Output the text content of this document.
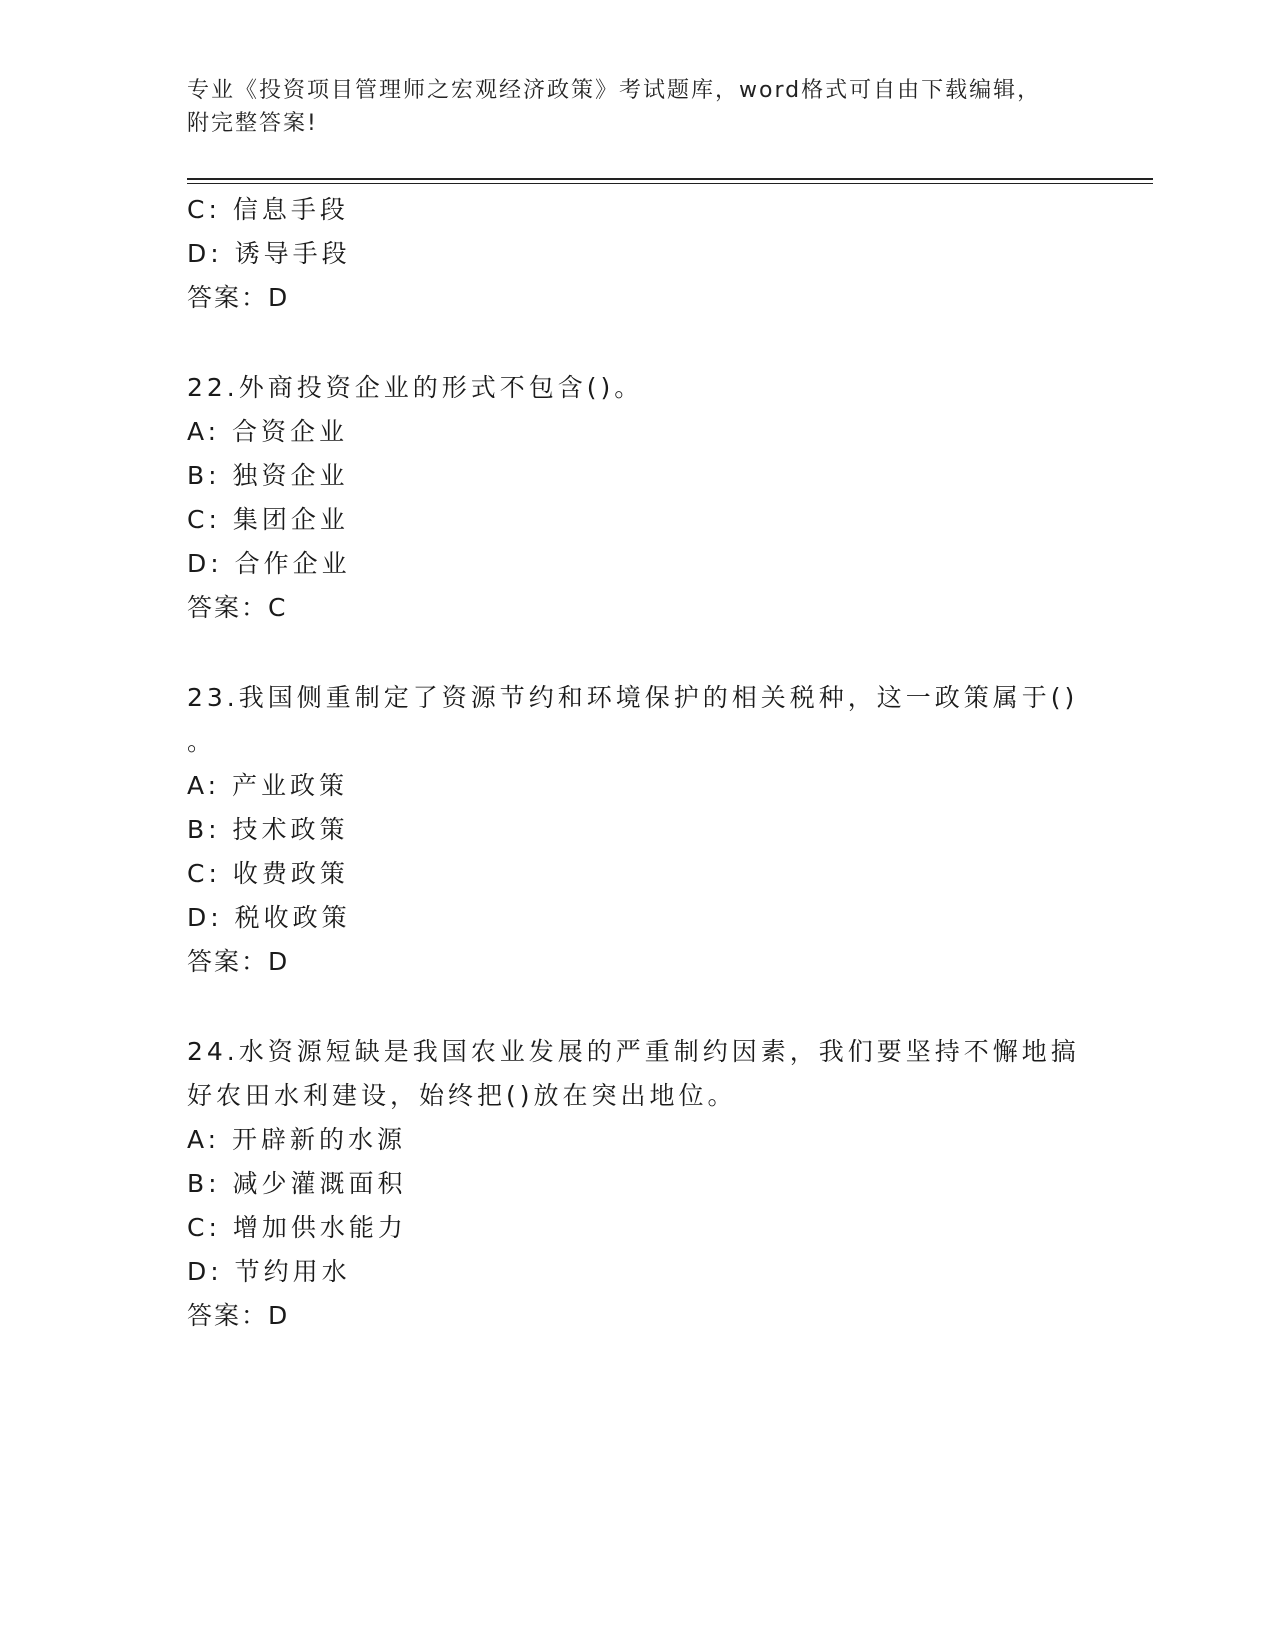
专业《投资项目管理师之宏观经济政策》考试题库，word格式可自由下载编辑，
附完整答案!
C: 信息手段
D: 诱导手段
答案：D
22.外商投资企业的形式不包含()。
A: 合资企业
B: 独资企业
C: 集团企业
D: 合作企业
答案：C
23.我国侧重制定了资源节约和环境保护的相关税种，这一政策属于()
。
A: 产业政策
B: 技术政策
C: 收费政策
D: 税收政策
答案：D
24.水资源短缺是我国农业发展的严重制约因素，我们要坚持不懈地搞
好农田水利建设，始终把()放在突出地位。
A: 开辟新的水源
B: 减少灌溉面积
C: 增加供水能力
D: 节约用水
答案：D
